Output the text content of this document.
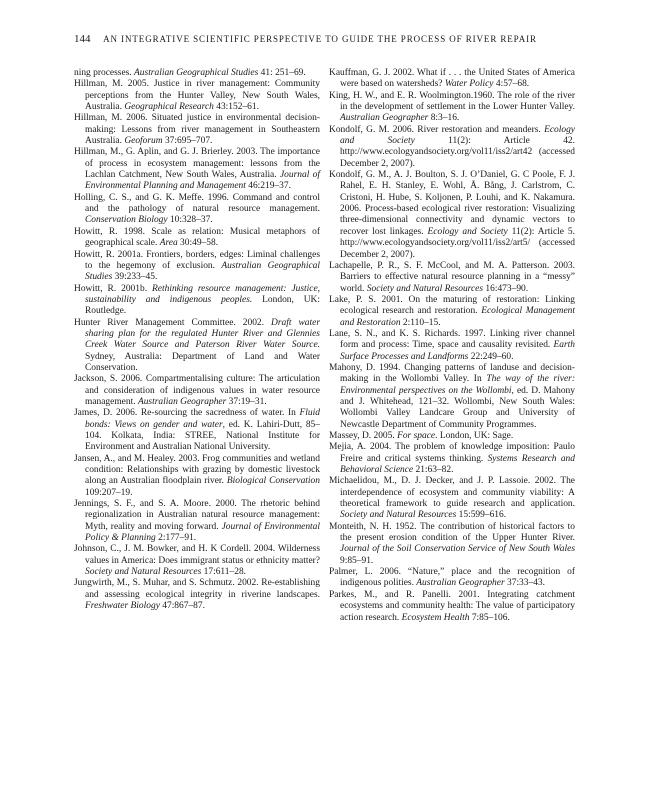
144 AN INTEGRATIVE SCIENTIFIC PERSPECTIVE TO GUIDE THE PROCESS OF RIVER REPAIR

ning processes. Australian Geographical Studies 41: 251–69.

Hillman, M. 2005. Justice in river management: Community perceptions from the Hunter Valley, New South Wales, Australia. Geographical Research 43:152–61.

Hillman, M. 2006. Situated justice in environmental decision-making: Lessons from river management in Southeastern Australia. Geoforum 37:695–707.

Hillman, M., G. Aplin, and G. J. Brierley. 2003. The importance of process in ecosystem management: lessons from the Lachlan Catchment, New South Wales, Australia. Journal of Environmental Planning and Management 46:219–37.

Holling, C. S., and G. K. Meffe. 1996. Command and control and the pathology of natural resource management. Conservation Biology 10:328–37.

Howitt, R. 1998. Scale as relation: Musical metaphors of geographical scale. Area 30:49–58.

Howitt, R. 2001a. Frontiers, borders, edges: Liminal challenges to the hegemony of exclusion. Australian Geographical Studies 39:233–45.

Howitt, R. 2001b. Rethinking resource management: Justice, sustainability and indigenous peoples. London, UK: Routledge.

Hunter River Management Committee. 2002. Draft water sharing plan for the regulated Hunter River and Glennies Creek Water Source and Paterson River Water Source. Sydney, Australia: Department of Land and Water Conservation.

Jackson, S. 2006. Compartmentalising culture: The articulation and consideration of indigenous values in water resource management. Australian Geographer 37:19–31.

James, D. 2006. Re-sourcing the sacredness of water. In Fluid bonds: Views on gender and water, ed. K. Lahiri-Dutt, 85–104. Kolkata, India: STREE, National Institute for Environment and Australian National University.

Jansen, A., and M. Healey. 2003. Frog communities and wetland condition: Relationships with grazing by domestic livestock along an Australian floodplain river. Biological Conservation 109:207–19.

Jennings, S. F., and S. A. Moore. 2000. The rhetoric behind regionalization in Australian natural resource management: Myth, reality and moving forward. Journal of Environmental Policy & Planning 2:177–91.

Johnson, C., J. M. Bowker, and H. K Cordell. 2004. Wilderness values in America: Does immigrant status or ethnicity matter? Society and Natural Resources 17:611–28.

Jungwirth, M., S. Muhar, and S. Schmutz. 2002. Re-establishing and assessing ecological integrity in riverine landscapes. Freshwater Biology 47:867–87.

Kauffman, G. J. 2002. What if . . . the United States of America were based on watersheds? Water Policy 4:57–68.

King, H. W., and E. R. Woolmington.1960. The role of the river in the development of settlement in the Lower Hunter Valley. Australian Geographer 8:3–16.

Kondolf, G. M. 2006. River restoration and meanders. Ecology and Society 11(2): Article 42. http://www.ecologyandsociety.org/vol11/iss2/art42 (accessed December 2, 2007).

Kondolf, G. M., A. J. Boulton, S. J. O’Daniel, G. C Poole, F. J. Rahel, E. H. Stanley, E. Wohl, Å. Bång, J. Carlstrom, C. Cristoni, H. Hube, S. Koljonen, P. Louhi, and K. Nakamura. 2006. Process-based ecological river restoration: Visualizing three-dimensional connectivity and dynamic vectors to recover lost linkages. Ecology and Society 11(2): Article 5. http://www.ecologyandsociety.org/vol11/iss2/art5/ (accessed December 2, 2007).

Lachapelle, P. R., S. F. McCool, and M. A. Patterson. 2003. Barriers to effective natural resource planning in a “messy” world. Society and Natural Resources 16:473–90.

Lake, P. S. 2001. On the maturing of restoration: Linking ecological research and restoration. Ecological Management and Restoration 2:110–15.

Lane, S. N., and K. S. Richards. 1997. Linking river channel form and process: Time, space and causality revisited. Earth Surface Processes and Landforms 22:249–60.

Mahony, D. 1994. Changing patterns of landuse and decision-making in the Wollombi Valley. In The way of the river: Environmental perspectives on the Wollombi, ed. D. Mahony and J. Whitehead, 121–32. Wollombi, New South Wales: Wollombi Valley Landcare Group and University of Newcastle Department of Community Programmes.

Massey, D. 2005. For space. London, UK: Sage.

Mejia, A. 2004. The problem of knowledge imposition: Paulo Freire and critical systems thinking. Systems Research and Behavioral Science 21:63–82.

Michaelidou, M., D. J. Decker, and J. P. Lassoie. 2002. The interdependence of ecosystem and community viability: A theoretical framework to guide research and application. Society and Natural Resources 15:599–616.

Monteith, N. H. 1952. The contribution of historical factors to the present erosion condition of the Upper Hunter River. Journal of the Soil Conservation Service of New South Wales 9:85–91.

Palmer, L. 2006. “Nature,” place and the recognition of indigenous polities. Australian Geographer 37:33–43.

Parkes, M., and R. Panelli. 2001. Integrating catchment ecosystems and community health: The value of participatory action research. Ecosystem Health 7:85–106.
